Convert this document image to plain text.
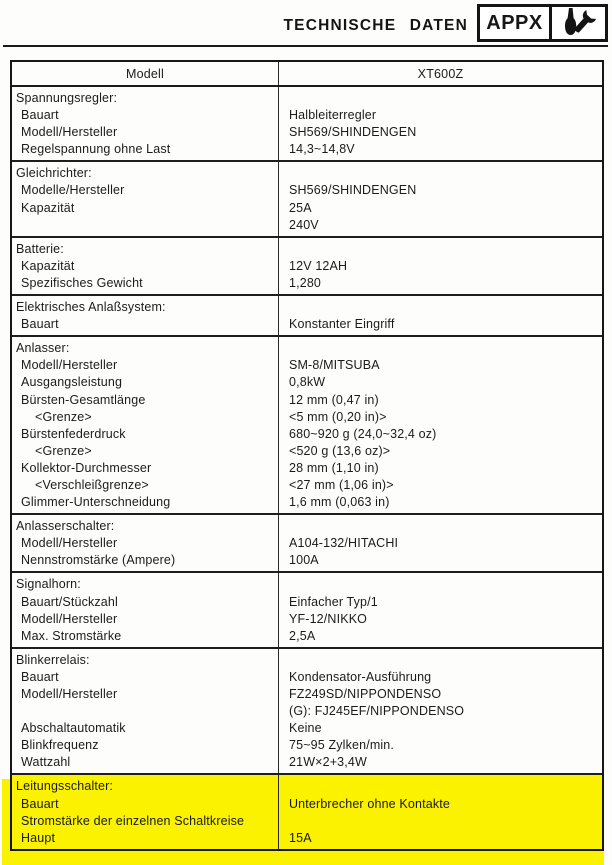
TECHNISCHE DATEN APPX
Modell	XT600Z
Spannungsregler:
Bauart
Modell/Hersteller
Regelspannung ohne Last
Halbleiterregler
SH569/SHINDENGEN
14,3~14,8V
Gleichrichter:
Modelle/Hersteller
Kapazität
SH569/SHINDENGEN
25A
240V
Batterie:
Kapazität
Spezifisches Gewicht
12V 12AH
1,280
Elektrisches Anlaßsystem:
Bauart	Konstanter Eingriff
Anlasser:
Modell/Hersteller
Ausgangsleistung
Bürsten-Gesamtlänge
<Grenze>
Bürstenfederdruck
<Grenze>
Kollektor-Durchmesser
<Verschleißgrenze>
Glimmer-Unterschneidung
SM-8/MITSUBA
0,8kW
12 mm (0,47 in)
<5 mm (0,20 in)>
680~920 g (24,0~32,4 oz)
<520 g (13,6 oz)>
28 mm (1,10 in)
<27 mm (1,06 in)>
1,6 mm (0,063 in)
Anlasserschalter:
Modell/Hersteller
Nennstromstärke (Ampere)
A104-132/HITACHI
100A
Signalhorn:
Bauart/Stückzahl
Modell/Hersteller
Max. Stromstärke
Einfacher Typ/1
YF-12/NIKKO
2,5A
Blinkerrelais:
Bauart
Modell/Hersteller
Abschaltautomatik
Blinkfrequenz
Wattzahl
Kondensator-Ausführung
FZ249SD/NIPPONDENSO
(G): FJ245EF/NIPPONDENSO
Keine
75~95 Zylken/min.
21W×2+3,4W
Leitungsschalter:
Bauart
Stromstärke der einzelnen Schaltkreise
Haupt
Unterbrecher ohne Kontakte
15A
